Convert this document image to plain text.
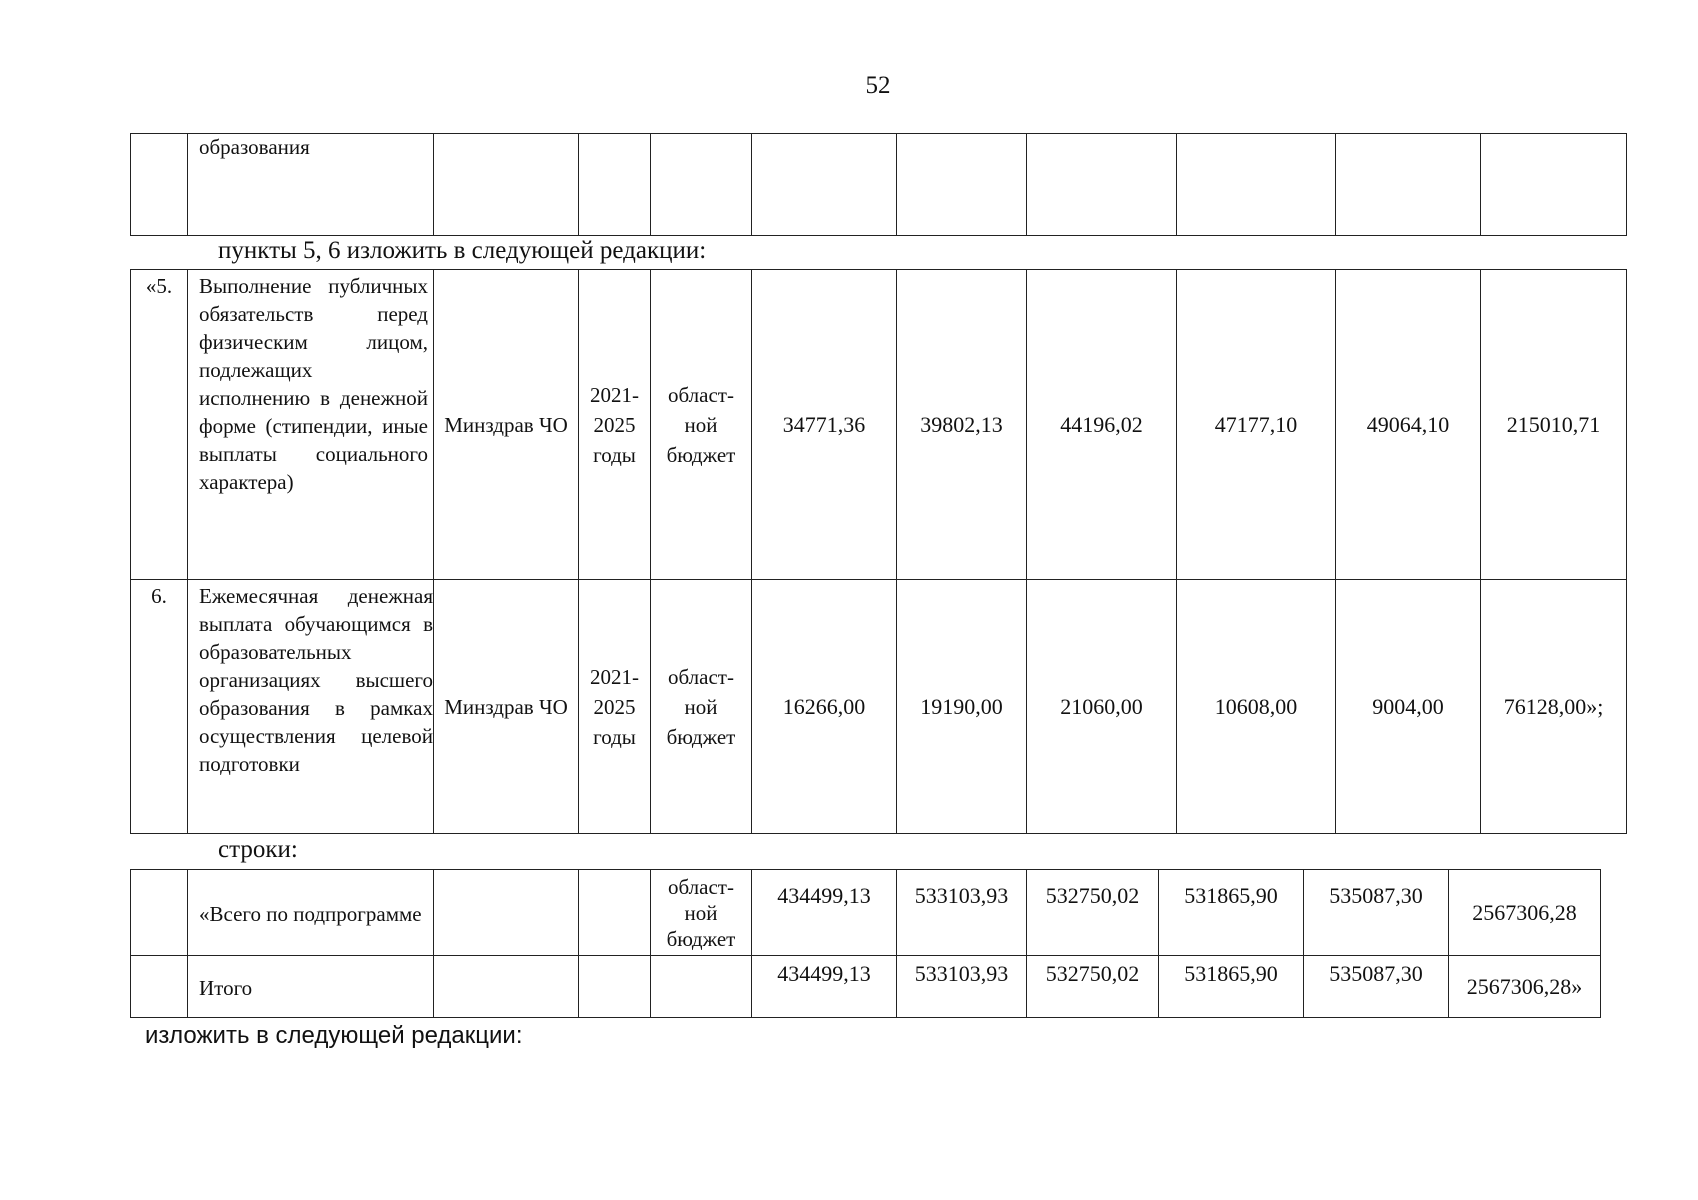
52
	образования									
пункты 5, 6 изложить в следующей редакции:
«5.	Выполнение публичных обязательств перед физическим лицом, подлежащих исполнению в денежной форме (стипендии, иные выплаты социального характера)	Минздрав ЧО	2021-2025 годы	област-ной бюджет	34771,36	39802,13	44196,02	47177,10	49064,10	215010,71
6.	Ежемесячная денежная выплата обучающимся в образовательных организациях высшего образования в рамках осуществления целевой подготовки	Минздрав ЧО	2021-2025 годы	област-ной бюджет	16266,00	19190,00	21060,00	10608,00	9004,00	76128,00»;
строки:
	«Всего по подпрограмме			област-ной бюджет	434499,13	533103,93	532750,02	531865,90	535087,30	2567306,28
	Итого				434499,13	533103,93	532750,02	531865,90	535087,30	2567306,28»
изложить в следующей редакции:
